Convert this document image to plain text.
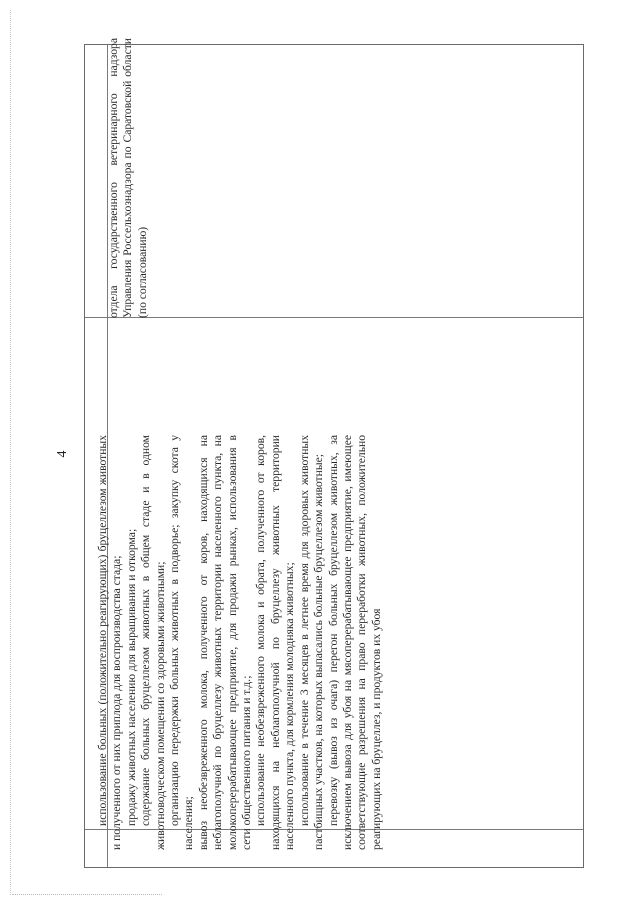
4 использование больных (положительно реагирующих) бруцеллезом животных и полученного от них приплода для воспроизводства стада; продажу животных населению для выращивания и откорма; содержание больных бруцеллезом животных в общем стаде и в одном животноводческом помещении со здоровыми животными; организацию передержки больных животных в подворье; закупку скота у населения; вывоз необезвреженного молока, полученного от коров, находящихся на неблагополучной по бруцеллезу животных территории населенного пункта, на молокоперерабатывающее предприятие, для продажи рынках, использования в сети общественного питания и т.д.; использование необезвреженного молока и обрата, полученного от коров, находящихся на неблагополучной по бруцеллезу животных территории населенного пункта, для кормления молодняка животных; использование в течение 3 месяцев в летнее время для здоровых животных пастбищных участков, на которых выпасались больные бруцеллезом животные; перевозку (вывоз из очага) перегон больных бруцеллезом животных, за исключением вывоза для убоя на мясоперерабатывающее предприятие, имеющее соответствующие разрешения на право переработки животных, положительно реагирующих на бруцеллез, и продуктов их убоя

отдела государственного ветеринарного надзора Управления Россельхознадзора по Саратовской области (по согласованию)
